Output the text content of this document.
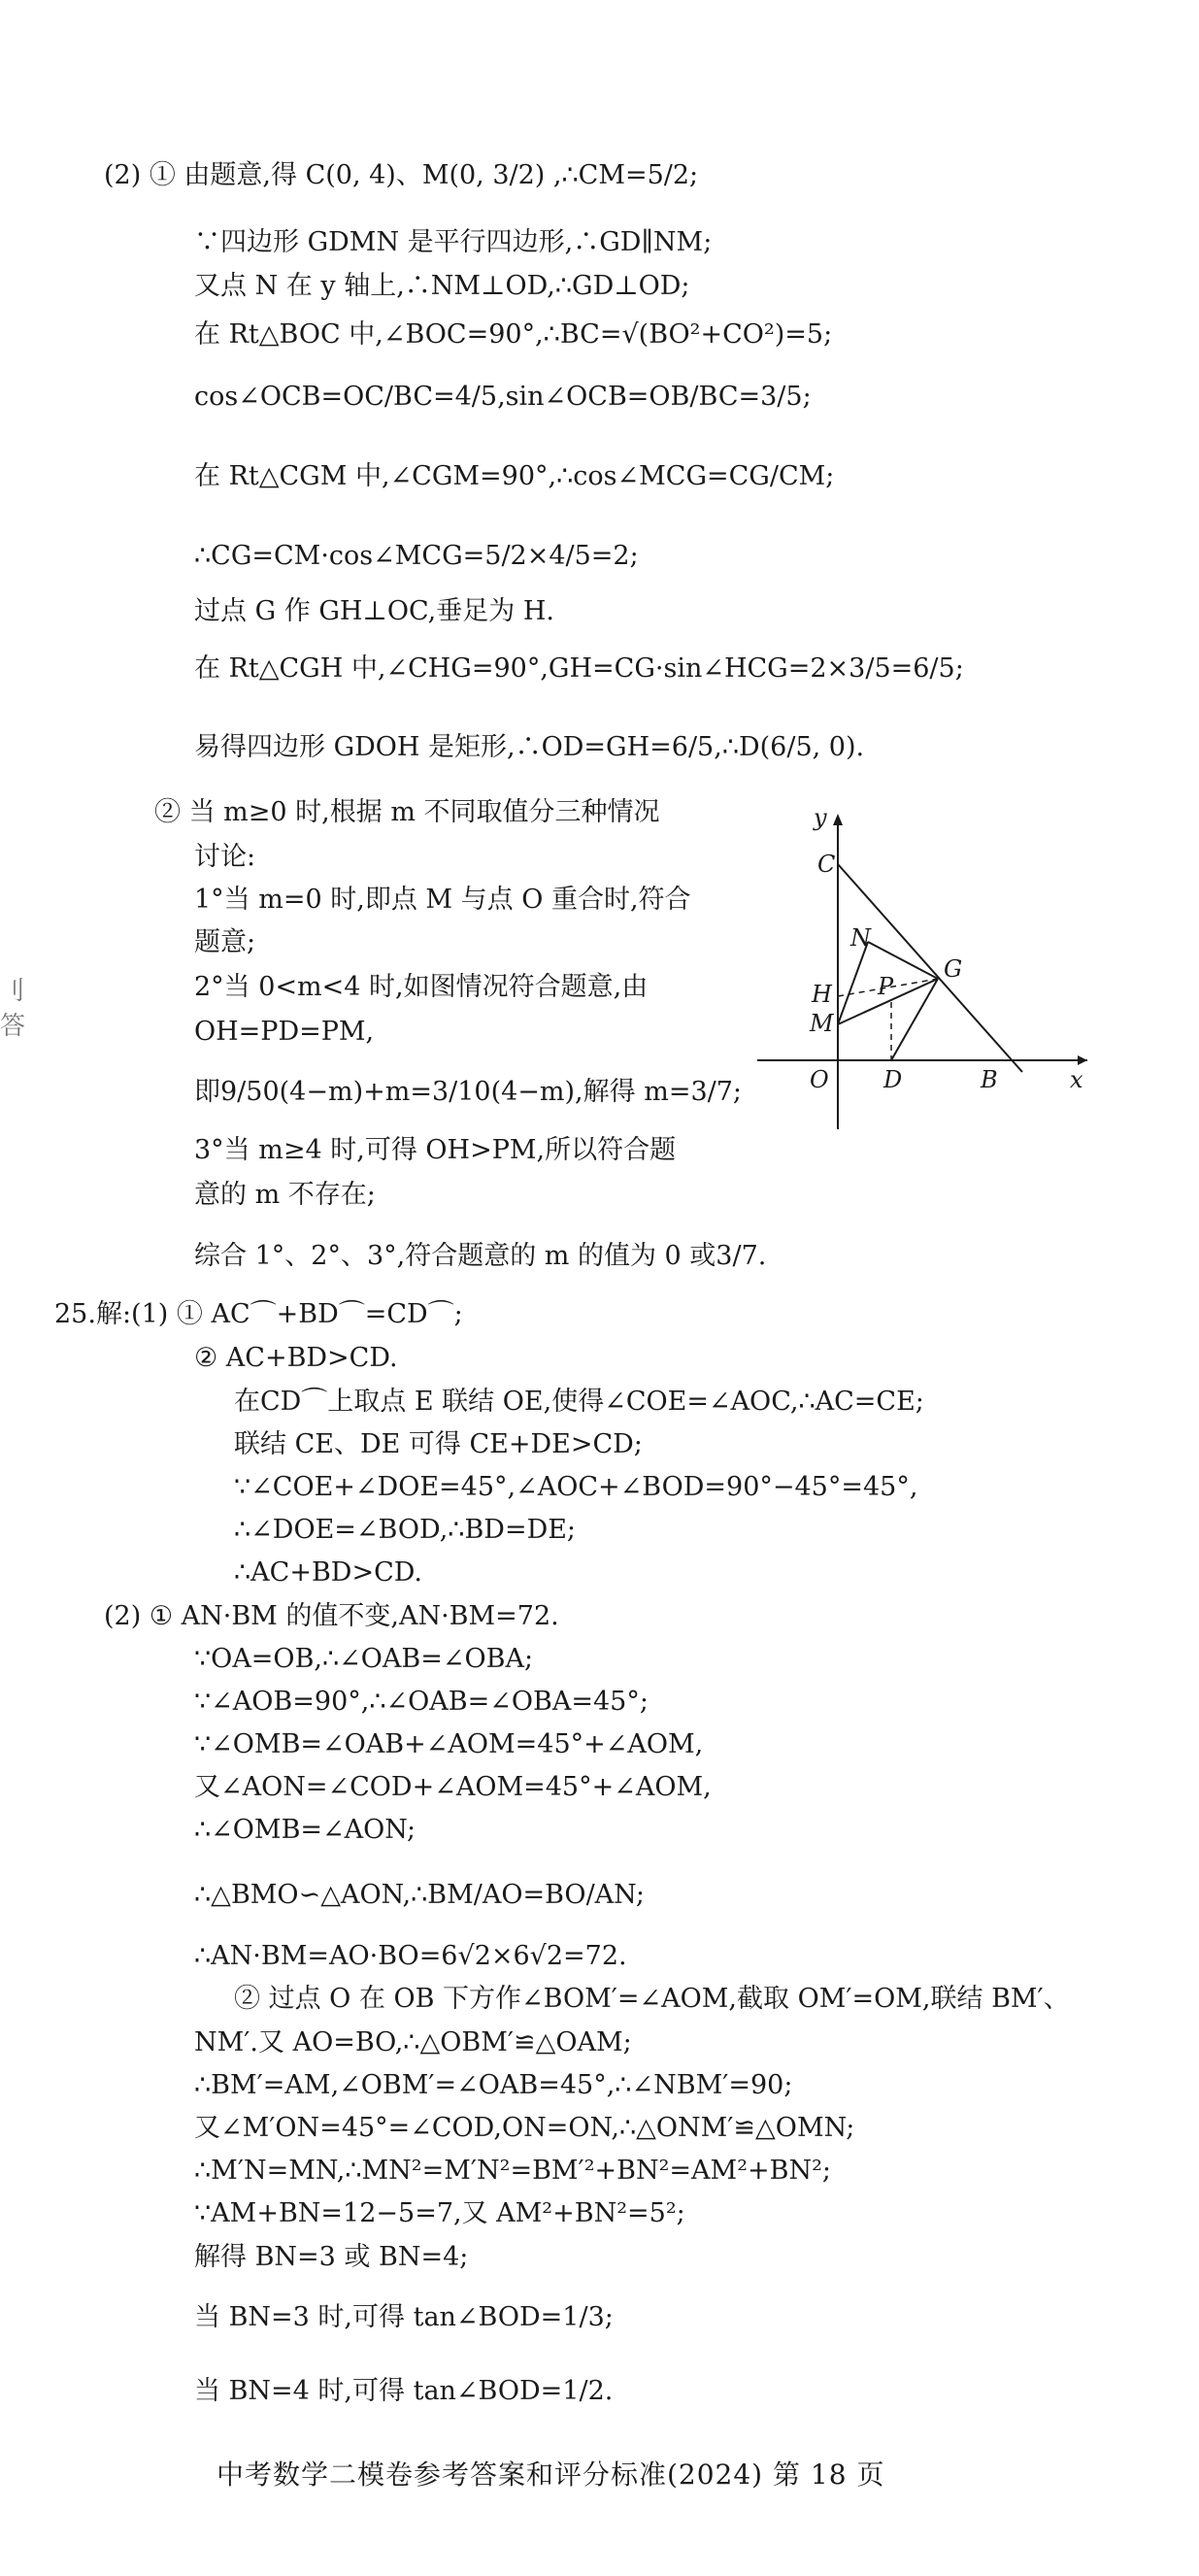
(2) ① 由题意,得 C(0, 4)、M(0, 3/2) ,∴CM=5/2;
∵四边形 GDMN 是平行四边形,∴GD∥NM;
又点 N 在 y 轴上,∴NM⊥OD,∴GD⊥OD;
在 Rt△BOC 中,∠BOC=90°,∴BC=√(BO²+CO²)=5;
cos∠OCB=OC/BC=4/5,sin∠OCB=OB/BC=3/5;
在 Rt△CGM 中,∠CGM=90°,∴cos∠MCG=CG/CM;
∴CG=CM·cos∠MCG=5/2×4/5=2;
过点 G 作 GH⊥OC,垂足为 H.
在 Rt△CGH 中,∠CHG=90°,GH=CG·sin∠HCG=2×3/5=6/5;
易得四边形 GDOH 是矩形,∴OD=GH=6/5,∴D(6/5, 0).
② 当 m≥0 时,根据 m 不同取值分三种情况
讨论:
1°当 m=0 时,即点 M 与点 O 重合时,符合
题意;
2°当 0<m<4 时,如图情况符合题意,由
OH=PD=PM,
即9/50(4−m)+m=3/10(4−m),解得 m=3/7;
3°当 m≥4 时,可得 OH>PM,所以符合题
意的 m 不存在;
综合 1°、2°、3°,符合题意的 m 的值为 0 或3/7.
25.解:(1) ① AC⌒+BD⌒=CD⌒;
② AC+BD>CD.
在CD⌒上取点 E 联结 OE,使得∠COE=∠AOC,∴AC=CE;
联结 CE、DE 可得 CE+DE>CD;
∵∠COE+∠DOE=45°,∠AOC+∠BOD=90°−45°=45°,
∴∠DOE=∠BOD,∴BD=DE;
∴AC+BD>CD.
(2) ① AN·BM 的值不变,AN·BM=72.
∵OA=OB,∴∠OAB=∠OBA;
∵∠AOB=90°,∴∠OAB=∠OBA=45°;
∵∠OMB=∠OAB+∠AOM=45°+∠AOM,
又∠AON=∠COD+∠AOM=45°+∠AOM,
∴∠OMB=∠AON;
∴△BMO∽△AON,∴BM/AO=BO/AN;
∴AN·BM=AO·BO=6√2×6√2=72.
② 过点 O 在 OB 下方作∠BOM′=∠AOM,截取 OM′=OM,联结 BM′、
NM′.又 AO=BO,∴△OBM′≌△OAM;
∴BM′=AM,∠OBM′=∠OAB=45°,∴∠NBM′=90;
又∠M′ON=45°=∠COD,ON=ON,∴△ONM′≌△OMN;
∴M′N=MN,∴MN²=M′N²=BM′²+BN²=AM²+BN²;
∵AM+BN=12−5=7,又 AM²+BN²=5²;
解得 BN=3 或 BN=4;
当 BN=3 时,可得 tan∠BOD=1/3;
当 BN=4 时,可得 tan∠BOD=1/2.
y
C
N
G
P
H
M
O D	B	x
刂
答
中考数学二模卷参考答案和评分标准(2024) 第 18 页
